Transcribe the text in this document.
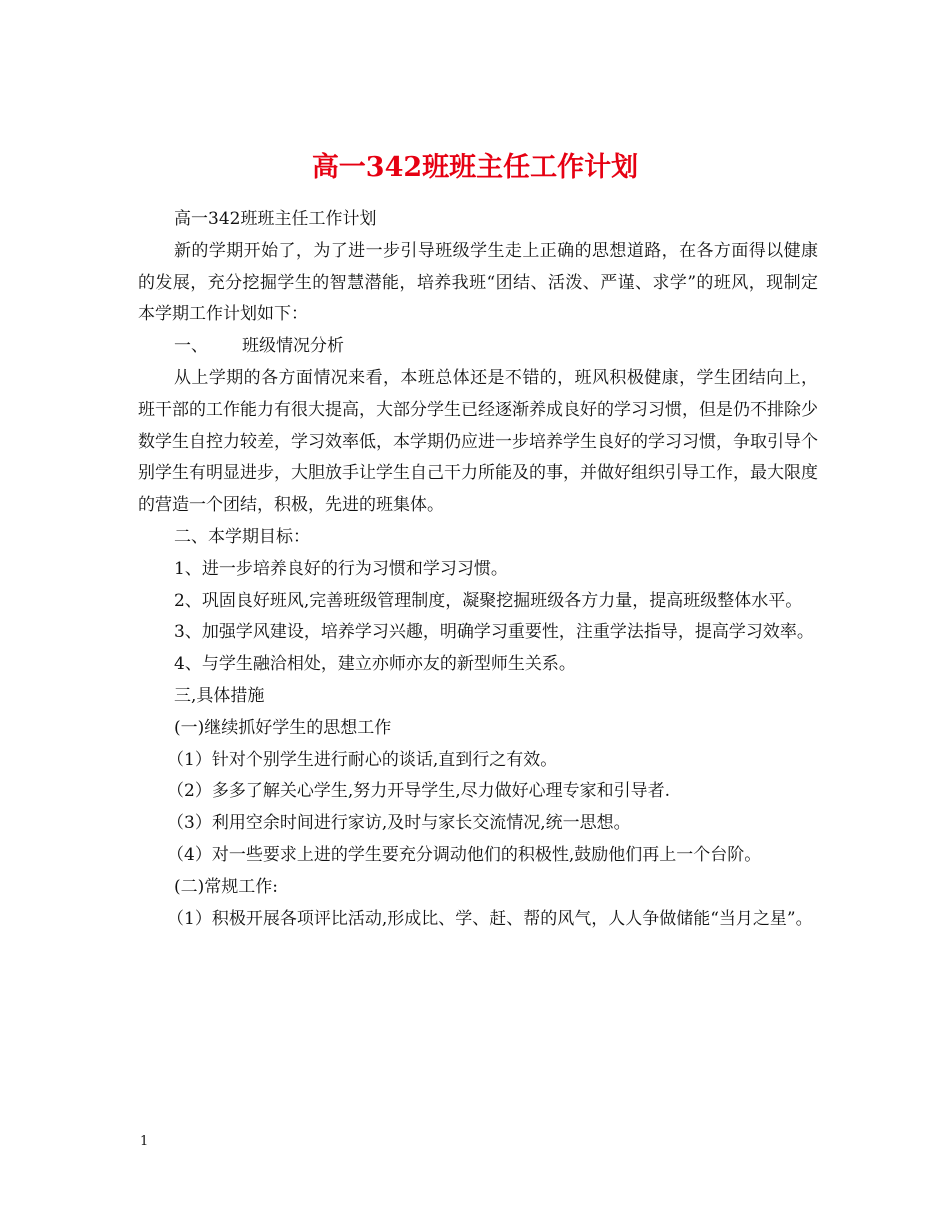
高一342班班主任工作计划

高一342班班主任工作计划

新的学期开始了，为了进一步引导班级学生走上正确的思想道路，在各方面得以健康的发展，充分挖掘学生的智慧潜能，培养我班“团结、活泼、严谨、求学”的班风，现制定本学期工作计划如下：

一、 班级情况分析

从上学期的各方面情况来看，本班总体还是不错的，班风积极健康，学生团结向上，班干部的工作能力有很大提高，大部分学生已经逐渐养成良好的学习习惯，但是仍不排除少数学生自控力较差，学习效率低，本学期仍应进一步培养学生良好的学习习惯，争取引导个别学生有明显进步，大胆放手让学生自己干力所能及的事，并做好组织引导工作，最大限度的营造一个团结，积极，先进的班集体。

二、本学期目标：

1、进一步培养良好的行为习惯和学习习惯。

2、巩固良好班风,完善班级管理制度，凝聚挖掘班级各方力量，提高班级整体水平。

3、加强学风建设，培养学习兴趣，明确学习重要性，注重学法指导，提高学习效率。

4、与学生融洽相处，建立亦师亦友的新型师生关系。

三,具体措施

(一)继续抓好学生的思想工作

（1）针对个别学生进行耐心的谈话,直到行之有效。

（2）多多了解关心学生,努力开导学生,尽力做好心理专家和引导者.

（3）利用空余时间进行家访,及时与家长交流情况,统一思想。

（4）对一些要求上进的学生要充分调动他们的积极性,鼓励他们再上一个台阶。

(二)常规工作:

（1）积极开展各项评比活动,形成比、学、赶、帮的风气，人人争做储能“当月之星”。

1
